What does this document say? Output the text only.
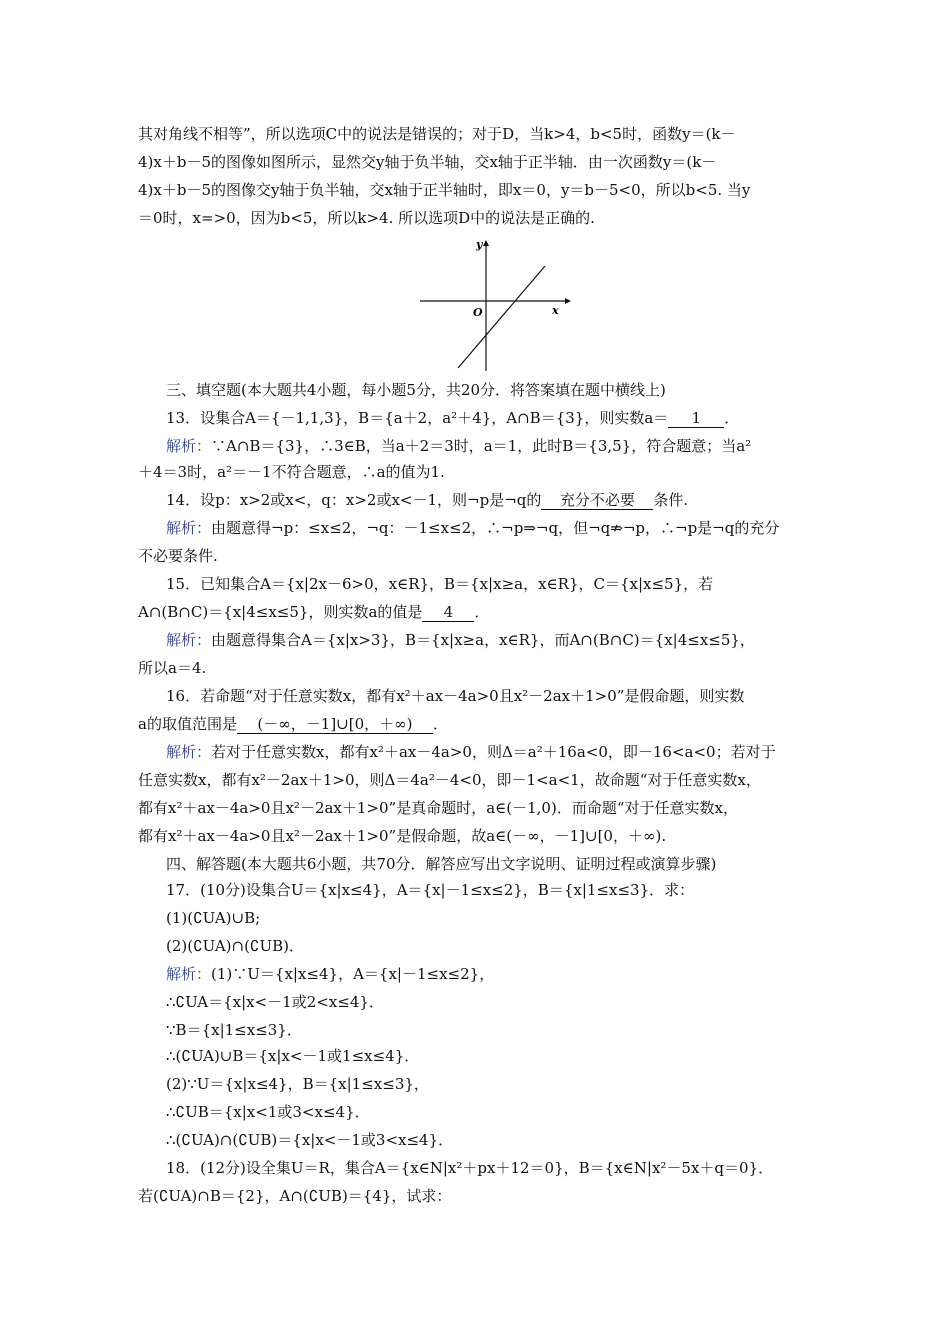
其对角线不相等”，所以选项C中的说法是错误的；对于D，当k>4，b<5时，函数y＝(k－
4)x＋b－5的图像如图所示，显然交y轴于负半轴，交x轴于正半轴．由一次函数y＝(k－
4)x＋b－5的图像交y轴于负半轴，交x轴于正半轴时，即x＝0，y＝b－5<0，所以b<5. 当y
＝0时，x=>0，因为b<5，所以k>4. 所以选项D中的说法是正确的.
y
x
O
三、填空题(本大题共4小题，每小题5分，共20分．将答案填在题中横线上)
13．设集合A＝{－1,1,3}，B＝{a＋2，a²＋4}，A∩B＝{3}，则实数a＝ 1 ．
解析：∵A∩B＝{3}，∴3∈B，当a＋2＝3时，a＝1，此时B＝{3,5}，符合题意；当a²
＋4＝3时，a²＝－1不符合题意，∴a的值为1.
14．设p：x>2或x<，q：x>2或x<－1，则¬p是¬q的 充分不必要 条件.
解析：由题意得¬p：≤x≤2，¬q：－1≤x≤2，∴¬p⇒¬q，但¬q⇏¬p，∴¬p是¬q的充分
不必要条件.
15．已知集合A＝{x|2x－6>0，x∈R}，B＝{x|x≥a，x∈R}，C＝{x|x≤5}，若
A∩(B∩C)＝{x|4≤x≤5}，则实数a的值是 4 ．
解析：由题意得集合A＝{x|x>3}，B＝{x|x≥a，x∈R}，而A∩(B∩C)＝{x|4≤x≤5}，
所以a＝4.
16．若命题“对于任意实数x，都有x²＋ax－4a>0且x²－2ax＋1>0”是假命题，则实数
a的取值范围是 (－∞，－1]∪[0，＋∞) ．
解析：若对于任意实数x，都有x²＋ax－4a>0，则Δ＝a²＋16a<0，即－16<a<0；若对于
任意实数x，都有x²－2ax＋1>0，则Δ＝4a²－4<0，即－1<a<1，故命题“对于任意实数x，
都有x²＋ax－4a>0且x²－2ax＋1>0”是真命题时，a∈(－1,0)．而命题“对于任意实数x，
都有x²＋ax－4a>0且x²－2ax＋1>0”是假命题，故a∈(－∞，－1]∪[0，＋∞).
四、解答题(本大题共6小题，共70分．解答应写出文字说明、证明过程或演算步骤)
17．(10分)设集合U＝{x|x≤4}，A＝{x|－1≤x≤2}，B＝{x|1≤x≤3}．求：
(1)(∁UA)∪B;
(2)(∁UA)∩(∁UB)．
解析：(1)∵U＝{x|x≤4}，A＝{x|－1≤x≤2}，
∴∁UA＝{x|x<－1或2<x≤4}．
∵B＝{x|1≤x≤3}．
∴(∁UA)∪B＝{x|x<－1或1≤x≤4}．
(2)∵U＝{x|x≤4}，B＝{x|1≤x≤3}，
∴∁UB＝{x|x<1或3<x≤4}．
∴(∁UA)∩(∁UB)＝{x|x<－1或3<x≤4}．
18．(12分)设全集U＝R，集合A＝{x∈N|x²＋px＋12＝0}，B＝{x∈N|x²－5x＋q＝0}．
若(∁UA)∩B＝{2}，A∩(∁UB)＝{4}，试求：
